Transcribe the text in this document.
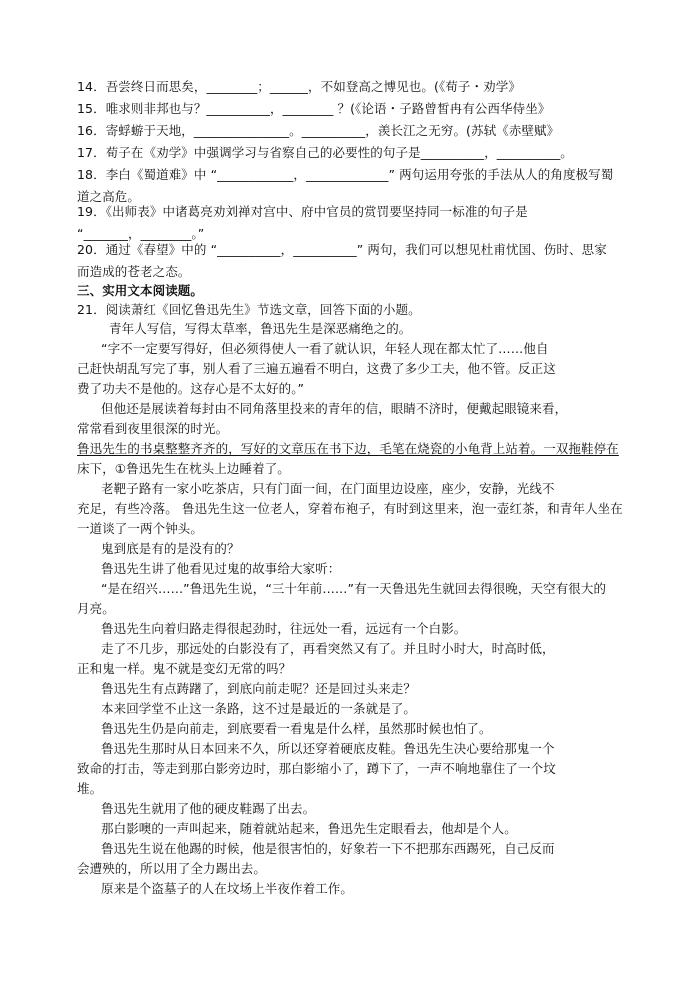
14．吾尝终日而思矣，________；______，不如登高之博见也。(《荀子・劝学》
15．唯求则非邦也与？__________，________ ？(《论语・子路曾皙冉有公西华侍坐》
16．寄蜉蝣于天地，_______________。__________，羡长江之无穷。(苏轼《赤壁赋》
17．荀子在《劝学》中强调学习与省察自己的必要性的句子是__________，__________。
18．李白《蜀道难》中 “____________，_____________” 两句运用夸张的手法从人的角度极写蜀
道之高危。
19．《出师表》中诸葛亮劝刘禅对宫中、府中官员的赏罚要坚持同一标准的句子是
“_______，________。”
20．通过《春望》中的 “__________，__________” 两句，我们可以想见杜甫忧国、伤时、思家
而造成的苍老之态。
三、实用文本阅读题。
21．阅读萧红《回忆鲁迅先生》节选文章，回答下面的小题。
青年人写信，写得太草率，鲁迅先生是深恶痛绝之的。
“字不一定要写得好，但必须得使人一看了就认识，年轻人现在都太忙了……他自
己赶快胡乱写完了事，别人看了三遍五遍看不明白，这费了多少工夫，他不管。反正这
费了功夫不是他的。这存心是不太好的。”
但他还是展读着每封由不同角落里投来的青年的信，眼睛不济时，便戴起眼镜来看，
常常看到夜里很深的时光。
鲁迅先生的书桌整整齐齐的，写好的文章压在书下边，毛笔在烧瓷的小龟背上站着。一双拖鞋停在
床下，①鲁迅先生在枕头上边睡着了。
老靶子路有一家小吃茶店，只有门面一间，在门面里边设座，座少，安静，光线不
充足，有些冷落。 鲁迅先生这一位老人，穿着布袍子，有时到这里来，泡一壶红茶，和青年人坐在
一道谈了一两个钟头。
鬼到底是有的是没有的？
鲁迅先生讲了他看见过鬼的故事给大家听：
“是在绍兴……”鲁迅先生说，“三十年前……”有一天鲁迅先生就回去得很晚，天空有很大的
月亮。
鲁迅先生向着归路走得很起劲时，往远处一看，远远有一个白影。
走了不几步，那远处的白影没有了，再看突然又有了。并且时小时大，时高时低，
正和鬼一样。鬼不就是变幻无常的吗？
鲁迅先生有点踌躇了，到底向前走呢？还是回过头来走？
本来回学堂不止这一条路，这不过是最近的一条就是了。
鲁迅先生仍是向前走，到底要看一看鬼是什么样，虽然那时候也怕了。
鲁迅先生那时从日本回来不久，所以还穿着硬底皮鞋。鲁迅先生决心要给那鬼一个
致命的打击，等走到那白影旁边时，那白影缩小了，蹲下了，一声不响地靠住了一个坟
堆。
鲁迅先生就用了他的硬皮鞋踢了出去。
那白影噢的一声叫起来，随着就站起来，鲁迅先生定眼看去，他却是个人。
鲁迅先生说在他踢的时候，他是很害怕的，好象若一下不把那东西踢死，自己反而
会遭殃的，所以用了全力踢出去。
原来是个盗墓子的人在坟场上半夜作着工作。
